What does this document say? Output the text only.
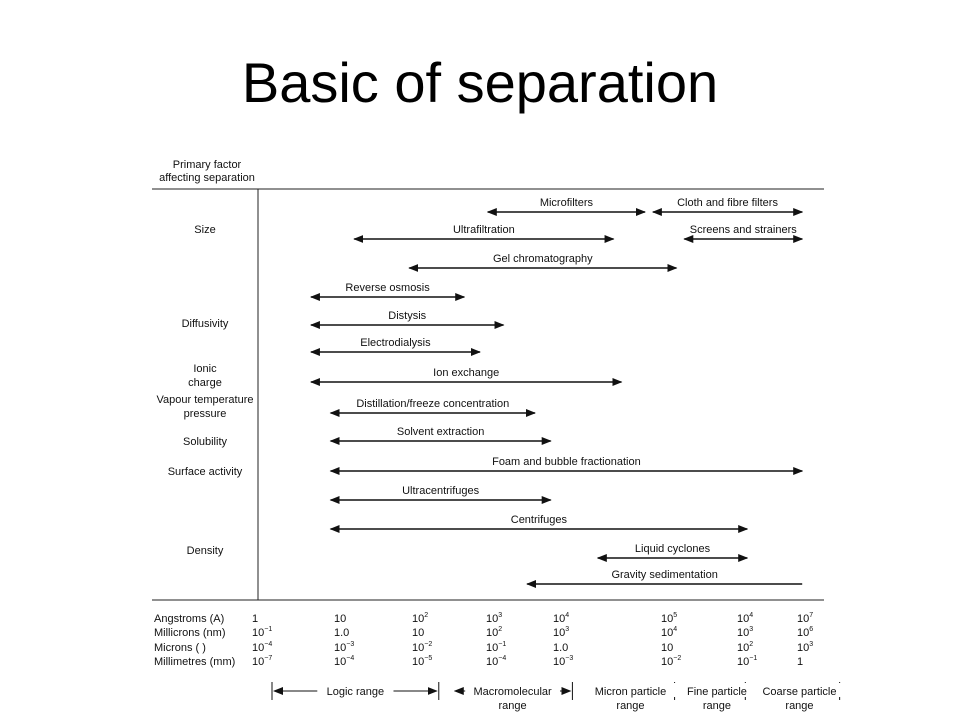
Basic of separation
Primary factor
affecting separation
Size
Diffusivity
Ionic
charge
Vapour temperature
pressure
Solubility
Surface activity
Density
Microfilters
Ultrafiltration
Gel chromatography
Cloth and fibre filters
Screens and strainers
Reverse osmosis
Distysis
Electrodialysis
Ion exchange
Distillation/freeze concentration
Solvent extraction
Foam and bubble fractionation
Ultracentrifuges
Centrifuges
Liquid cyclones
Gravity sedimentation
Angstroms (A)	1	10	$10^2$	$10^3$	$10^4$	$10^5$	$10^4$	$10^7$
Millicrons (nm) $10^{-1}$	1.0	10	$10^2$	$10^3$	$10^4$	$10^3$	$10^6$
Microns ( )	$10^{-4}$	$10^{-3}$	$10^{-2}$	$10^{-1}$	1.0	10	$10^2$	$10^3$
Millimetres (mm) $10^{-7}$	$10^{-4}$	$10^{-5}$	$10^{-4}$	$10^{-3}$	$10^{-2}$	$10^{-1}$	1
Logic range	Macromolecular
range
Micron particle
range
Fine particle
range
Coarse particle
range
